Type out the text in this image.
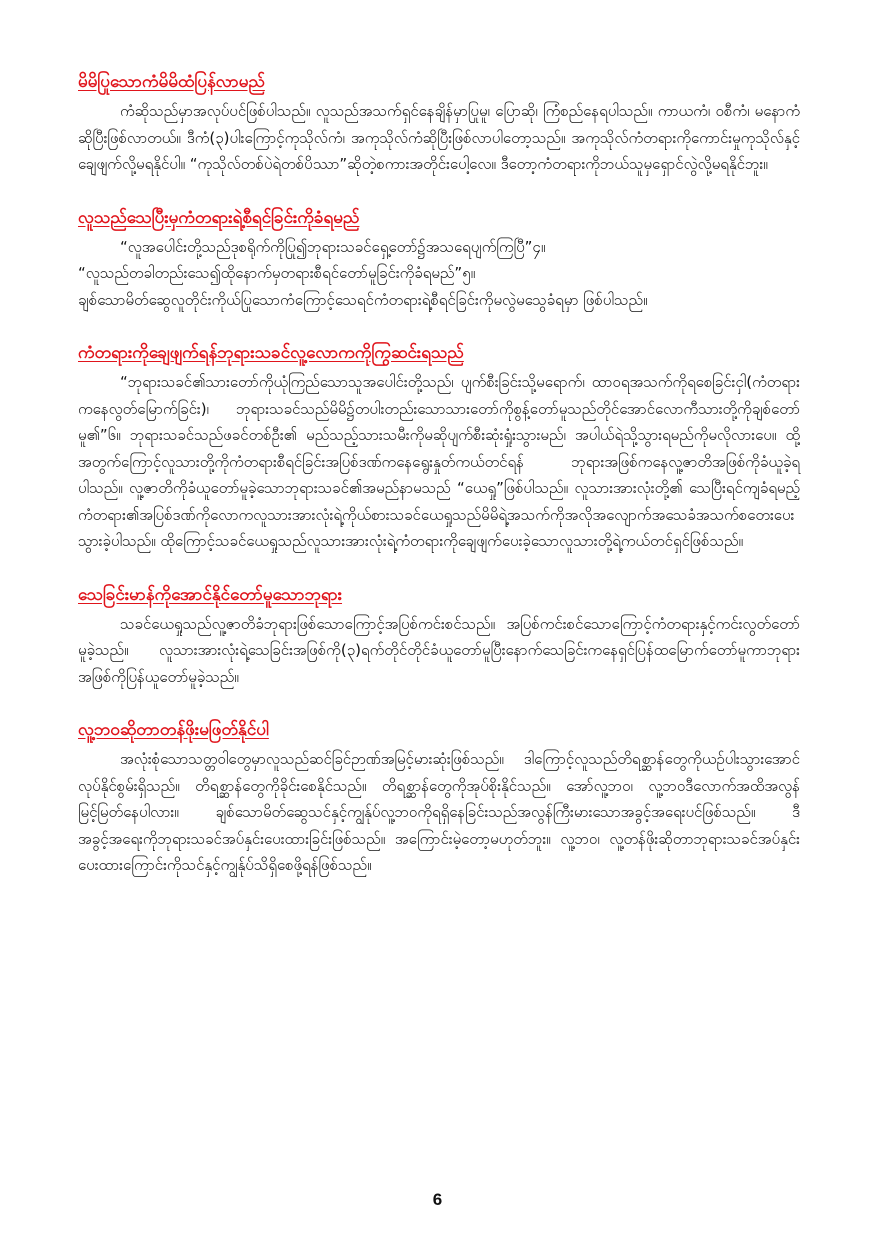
မိမိပြုသောကံမိမိထံပြန်လာမည်

ကံဆိုသည်မှာအလုပ်ပင်ဖြစ်ပါသည်။ လူသည်အသက်ရှင်နေချိန်မှာပြုမူ၊ ပြောဆို၊ ကြံစည်နေရပါသည်။ ကာယကံ၊ ဝစီကံ၊ မနောကံဆိုပြီးဖြစ်လာတယ်။ ဒီကံ(၃)ပါးကြောင့်ကုသိုလ်ကံ၊ အကုသိုလ်ကံဆိုပြီးဖြစ်လာပါတော့သည်။ အကုသိုလ်ကံတရားကိုကောင်းမှုကုသိုလ်နှင့်ချေဖျက်လို့မရနိုင်ပါ။ “ကုသိုလ်တစ်ပဲရဲတစ်ပိဿာ”ဆိုတဲ့စကားအတိုင်းပေါ့လေ။ ဒီတော့ကံတရားကိုဘယ်သူမှရှောင်လွဲလို့မရနိုင်ဘူး။

လူသည်သေပြီးမှကံတရားရဲ့စီရင်ခြင်းကိုခံရမည်

“လူအပေါင်းတို့သည်ဒုစရိုက်ကိုပြု၍ဘုရားသခင်ရှေ့တော်၌အသရေပျက်ကြပြီ”၄။

“လူသည်တခါတည်းသေ၍ထိုနောက်မှတရားစီရင်တော်မူခြင်းကိုခံရမည်”၅။

ချစ်သောမိတ်ဆွေလူတိုင်းကိုယ်ပြုသောကံကြောင့်သေရင်ကံတရားရဲ့စီရင်ခြင်းကိုမလွဲမသွေခံရမှာ ဖြစ်ပါသည်။

ကံတရားကိုချေဖျက်ရန်ဘုရားသခင်လူ့လောကကိုကြွဆင်းရသည်

“ဘုရားသခင်၏သားတော်ကိုယုံကြည်သောသူအပေါင်းတို့သည်၊ ပျက်စီးခြင်းသို့မရောက်၊ ထာဝရအသက်ကိုရစေခြင်းငှါ(ကံတရားကနေလွတ်မြောက်ခြင်း)၊ ဘုရားသခင်သည်မိမိ၌တပါးတည်းသောသားတော်ကိုစွန့်တော်မူသည်တိုင်အောင်လောကီသားတို့ကိုချစ်တော်မူ၏”၆။ ဘုရားသခင်သည်ဖခင်တစ်ဦး၏ မည်သည့်သားသမီးကိုမဆိုပျက်စီးဆုံးရှုံးသွားမည်၊ အပါယ်ရဲသို့သွားရမည်ကိုမလိုလားပေ။ ထို့အတွက်ကြောင့်လူသားတို့ကိုကံတရားစီရင်ခြင်းအပြစ်ဒဏ်ကနေရွေးနှုတ်ကယ်တင်ရန် ဘုရားအဖြစ်ကနေလူ့ဇာတိအဖြစ်ကိုခံယူခဲ့ရပါသည်။ လူ့ဇာတိကိုခံယူတော်မူခဲ့သောဘုရားသခင်၏အမည်နာမသည် “ယေရှု”ဖြစ်ပါသည်။ လူသားအားလုံးတို့၏ သေပြီးရင်ကျခံရမည့်ကံတရား၏အပြစ်ဒဏ်ကိုလောကလူသားအားလုံးရဲ့ကိုယ်စားသခင်ယေရှုသည်မိမိရဲ့အသက်ကိုအလိုအလျောက်အသေခံအသက်စတေးပေးသွားခဲ့ပါသည်။ ထိုကြောင့်သခင်ယေရှုသည်လူသားအားလုံးရဲ့ကံတရားကိုချေဖျက်ပေးခဲ့သောလူသားတို့ရဲ့ကယ်တင်ရှင်ဖြစ်သည်။

သေခြင်းမာန်ကိုအောင်နိုင်တော်မူသောဘုရား

သခင်ယေရှုသည်လူ့ဇာတိခံဘုရားဖြစ်သောကြောင့်အပြစ်ကင်းစင်သည်။ အပြစ်ကင်းစင်သောကြောင့်ကံတရားနှင့်ကင်းလွတ်တော်မူခဲ့သည်။ လူသားအားလုံးရဲ့သေခြင်းအဖြစ်ကို(၃)ရက်တိုင်တိုင်ခံယူတော်မူပြီးနောက်သေခြင်းကနေရှင်ပြန်ထမြောက်တော်မူကာဘုရားအဖြစ်ကိုပြန်ယူတော်မူခဲ့သည်။

လူ့ဘဝဆိုတာတန်ဖိုးမဖြတ်နိုင်ပါ

အလုံးစုံသောသတ္တဝါတွေမှာလူသည်ဆင်ခြင်ဉာဏ်အမြင့်မားဆုံးဖြစ်သည်။ ဒါကြောင့်လူသည်တိရစ္ဆာန်တွေကိုယဉ်ပါးသွားအောင်လုပ်နိုင်စွမ်းရှိသည်။ တိရစ္ဆာန်တွေကိုခိုင်းစေနိုင်သည်။ တိရစ္ဆာန်တွေကိုအုပ်စိုးနိုင်သည်။ အော်လူ့ဘဝ၊ လူ့ဘဝဒီလောက်အထိအလွန်မြင့်မြတ်နေပါလား။ ချစ်သောမိတ်ဆွေသင်နှင့်ကျွန်ုပ်လူ့ဘဝကိုရရှိနေခြင်းသည်အလွန်ကြီးမားသောအခွင့်အရေးပင်ဖြစ်သည်။ ဒီအခွင့်အရေးကိုဘုရားသခင်အပ်နှင်းပေးထားခြင်းဖြစ်သည်။ အကြောင်းမဲ့တော့မဟုတ်ဘူး။ လူ့ဘဝ၊ လူ့တန်ဖိုးဆိုတာဘုရားသခင်အပ်နှင်းပေးထားကြောင်းကိုသင်နှင့်ကျွန်ုပ်သိရှိစေဖို့ရန်ဖြစ်သည်။

6
